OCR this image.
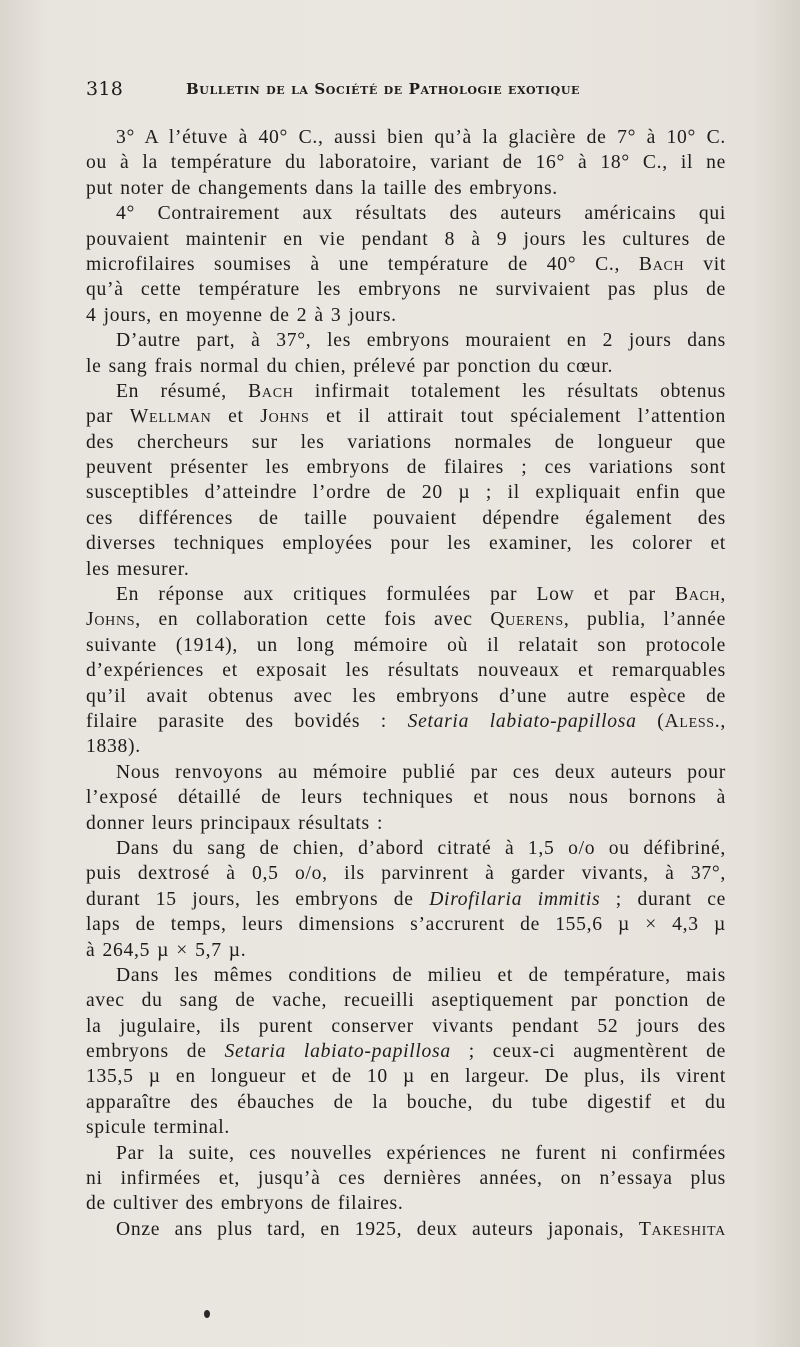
318	Bulletin de la Société de Pathologie exotique
3° A l’étuve à 40° C., aussi bien qu’à la glacière de 7° à 10° C.
ou à la température du laboratoire, variant de 16° à 18° C., il ne
put noter de changements dans la taille des embryons.
4° Contrairement aux résultats des auteurs américains qui
pouvaient maintenir en vie pendant 8 à 9 jours les cultures de
microfilaires soumises à une température de 40° C., Bach vit
qu’à cette température les embryons ne survivaient pas plus de
4 jours, en moyenne de 2 à 3 jours.
D’autre part, à 37°, les embryons mouraient en 2 jours dans
le sang frais normal du chien, prélevé par ponction du cœur.
En résumé, Bach infirmait totalement les résultats obtenus
par Wellman et Johns et il attirait tout spécialement l’attention
des chercheurs sur les variations normales de longueur que
peuvent présenter les embryons de filaires ; ces variations sont
susceptibles d’atteindre l’ordre de 20 µ ; il expliquait enfin que
ces différences de taille pouvaient dépendre également des
diverses techniques employées pour les examiner, les colorer et
les mesurer.
En réponse aux critiques formulées par Low et par Bach,
Johns, en collaboration cette fois avec Querens, publia, l’année
suivante (1914), un long mémoire où il relatait son protocole
d’expériences et exposait les résultats nouveaux et remarquables
qu’il avait obtenus avec les embryons d’une autre espèce de
filaire parasite des bovidés : Setaria labiato-papillosa (Aless.,
1838).
Nous renvoyons au mémoire publié par ces deux auteurs pour
l’exposé détaillé de leurs techniques et nous nous bornons à
donner leurs principaux résultats :
Dans du sang de chien, d’abord citraté à 1,5 o/o ou défibriné,
puis dextrosé à 0,5 o/o, ils parvinrent à garder vivants, à 37°,
durant 15 jours, les embryons de Dirofilaria immitis ; durant ce
laps de temps, leurs dimensions s’accrurent de 155,6 µ × 4,3 µ
à 264,5 µ × 5,7 µ.
Dans les mêmes conditions de milieu et de température, mais
avec du sang de vache, recueilli aseptiquement par ponction de
la jugulaire, ils purent conserver vivants pendant 52 jours des
embryons de Setaria labiato-papillosa ; ceux-ci augmentèrent de
135,5 µ en longueur et de 10 µ en largeur. De plus, ils virent
apparaître des ébauches de la bouche, du tube digestif et du
spicule terminal.
Par la suite, ces nouvelles expériences ne furent ni confirmées
ni infirmées et, jusqu’à ces dernières années, on n’essaya plus
de cultiver des embryons de filaires.
Onze ans plus tard, en 1925, deux auteurs japonais, Takeshita
